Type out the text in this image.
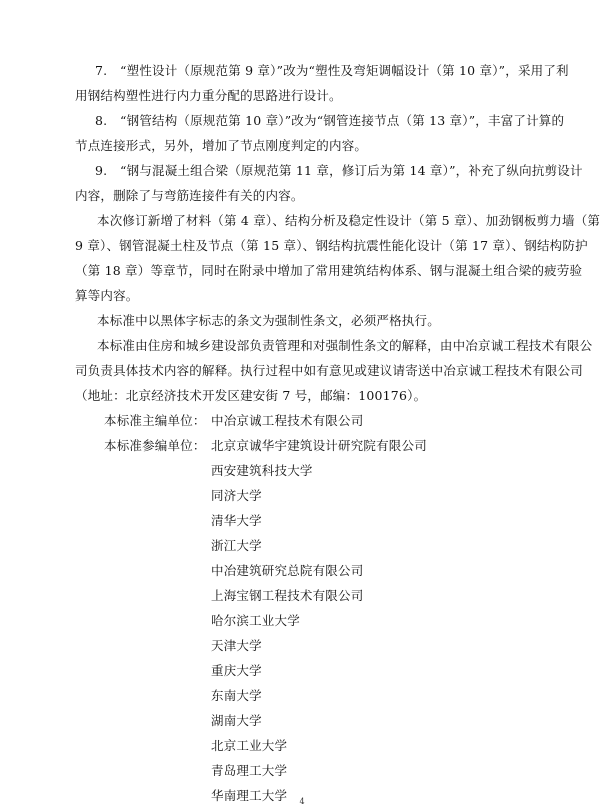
7.　“塑性设计（原规范第 9 章）”改为“塑性及弯矩调幅设计（第 10 章）”，采用了利
用钢结构塑性进行内力重分配的思路进行设计。
8.　“钢管结构（原规范第 10 章）”改为“钢管连接节点（第 13 章）”，丰富了计算的
节点连接形式，另外，增加了节点刚度判定的内容。
9.　“钢与混凝土组合梁（原规范第 11 章，修订后为第 14 章）”，补充了纵向抗剪设计
内容，删除了与弯筋连接件有关的内容。
本次修订新增了材料（第 4 章）、结构分析及稳定性设计（第 5 章）、加劲钢板剪力墙（第
9 章）、钢管混凝土柱及节点（第 15 章）、钢结构抗震性能化设计（第 17 章）、钢结构防护
（第 18 章）等章节，同时在附录中增加了常用建筑结构体系、钢与混凝土组合梁的疲劳验
算等内容。
本标准中以黑体字标志的条文为强制性条文，必须严格执行。
本标准由住房和城乡建设部负责管理和对强制性条文的解释，由中冶京诚工程技术有限公
司负责具体技术内容的解释。执行过程中如有意见或建议请寄送中冶京诚工程技术有限公司
（地址：北京经济技术开发区建安街 7 号，邮编：100176）。
本标准主编单位： 中冶京诚工程技术有限公司
本标准参编单位： 北京京诚华宇建筑设计研究院有限公司
西安建筑科技大学
同济大学
清华大学
浙江大学
中冶建筑研究总院有限公司
上海宝钢工程技术有限公司
哈尔滨工业大学
天津大学
重庆大学
东南大学
湖南大学
北京工业大学
青岛理工大学
华南理工大学	4
